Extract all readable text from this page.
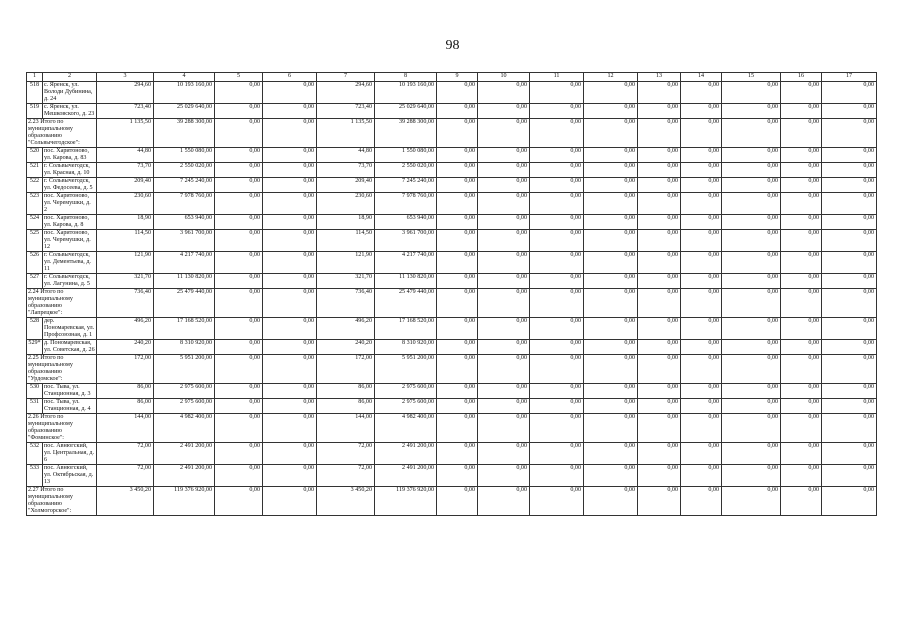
98
1	2	3	4	5	6	7	8	9	10	11	12	13	14	15	16	17
518	с. Яренск, ул. Володи Дубинина, д. 24	294,60	10 193 160,00	0,00	0,00	294,60	10 193 160,00	0,00	0,00	0,00	0,00	0,00	0,00	0,00	0,00	0,00
519	с. Яренск, ул. Мешковского, д. 23	723,40	25 029 640,00	0,00	0,00	723,40	25 029 640,00	0,00	0,00	0,00	0,00	0,00	0,00	0,00	0,00	0,00
2.23 Итого по муниципальному образованию "Сольвычегодское":		1 135,50	39 288 300,00	0,00	0,00	1 135,50	39 288 300,00	0,00	0,00	0,00	0,00	0,00	0,00	0,00	0,00	0,00
520	пос. Харитоново, ул. Карова, д. 83	44,80	1 550 080,00	0,00	0,00	44,80	1 550 080,00	0,00	0,00	0,00	0,00	0,00	0,00	0,00	0,00	0,00
521	г. Сольвычегодск, ул. Красная, д. 10	73,70	2 550 020,00	0,00	0,00	73,70	2 550 020,00	0,00	0,00	0,00	0,00	0,00	0,00	0,00	0,00	0,00
522	г. Сольвычегодск, ул. Федосеева, д. 5	209,40	7 245 240,00	0,00	0,00	209,40	7 245 240,00	0,00	0,00	0,00	0,00	0,00	0,00	0,00	0,00	0,00
523	пос. Харитоново, ул. Черемушки, д. 2	230,60	7 978 760,00	0,00	0,00	230,60	7 978 760,00	0,00	0,00	0,00	0,00	0,00	0,00	0,00	0,00	0,00
524	пос. Харитоново, ул. Карова, д. 8	18,90	653 940,00	0,00	0,00	18,90	653 940,00	0,00	0,00	0,00	0,00	0,00	0,00	0,00	0,00	0,00
525	пос. Харитоново, ул. Черемушки, д. 12	114,50	3 961 700,00	0,00	0,00	114,50	3 961 700,00	0,00	0,00	0,00	0,00	0,00	0,00	0,00	0,00	0,00
526	г. Сольвычегодск, ул. Дементьева, д. 11	121,90	4 217 740,00	0,00	0,00	121,90	4 217 740,00	0,00	0,00	0,00	0,00	0,00	0,00	0,00	0,00	0,00
527	г. Сольвычегодск, ул. Лагунина, д. 5	321,70	11 130 820,00	0,00	0,00	321,70	11 130 820,00	0,00	0,00	0,00	0,00	0,00	0,00	0,00	0,00	0,00
2.24 Итого по муниципальному образованию "Лапрецкое":		736,40	25 479 440,00	0,00	0,00	736,40	25 479 440,00	0,00	0,00	0,00	0,00	0,00	0,00	0,00	0,00	0,00
528	дер. Пономаревская, ул. Профсоюзная, д. 1	496,20	17 168 520,00	0,00	0,00	496,20	17 168 520,00	0,00	0,00	0,00	0,00	0,00	0,00	0,00	0,00	0,00
529*	д. Пономаревская, ул. Советская, д. 26	240,20	8 310 920,00	0,00	0,00	240,20	8 310 920,00	0,00	0,00	0,00	0,00	0,00	0,00	0,00	0,00	0,00
2.25 Итого по муниципальному образованию "Урдомское":		172,00	5 951 200,00	0,00	0,00	172,00	5 951 200,00	0,00	0,00	0,00	0,00	0,00	0,00	0,00	0,00	0,00
530	пос. Тыва, ул. Станционная, д. 3	86,00	2 975 600,00	0,00	0,00	86,00	2 975 600,00	0,00	0,00	0,00	0,00	0,00	0,00	0,00	0,00	0,00
531	пос. Тыва, ул. Станционная, д. 4	86,00	2 975 600,00	0,00	0,00	86,00	2 975 600,00	0,00	0,00	0,00	0,00	0,00	0,00	0,00	0,00	0,00
2.26 Итого по муниципальному образованию "Фоминское":		144,00	4 982 400,00	0,00	0,00	144,00	4 982 400,00	0,00	0,00	0,00	0,00	0,00	0,00	0,00	0,00	0,00
532	пос. Авнюгский, ул. Центральная, д. 6	72,00	2 491 200,00	0,00	0,00	72,00	2 491 200,00	0,00	0,00	0,00	0,00	0,00	0,00	0,00	0,00	0,00
533	пос. Авнюгский, ул. Октябрьская, д. 13	72,00	2 491 200,00	0,00	0,00	72,00	2 491 200,00	0,00	0,00	0,00	0,00	0,00	0,00	0,00	0,00	0,00
2.27 Итого по муниципальному образованию "Холмогорское":		3 450,20	119 376 920,00	0,00	0,00	3 450,20	119 376 920,00	0,00	0,00	0,00	0,00	0,00	0,00	0,00	0,00	0,00
